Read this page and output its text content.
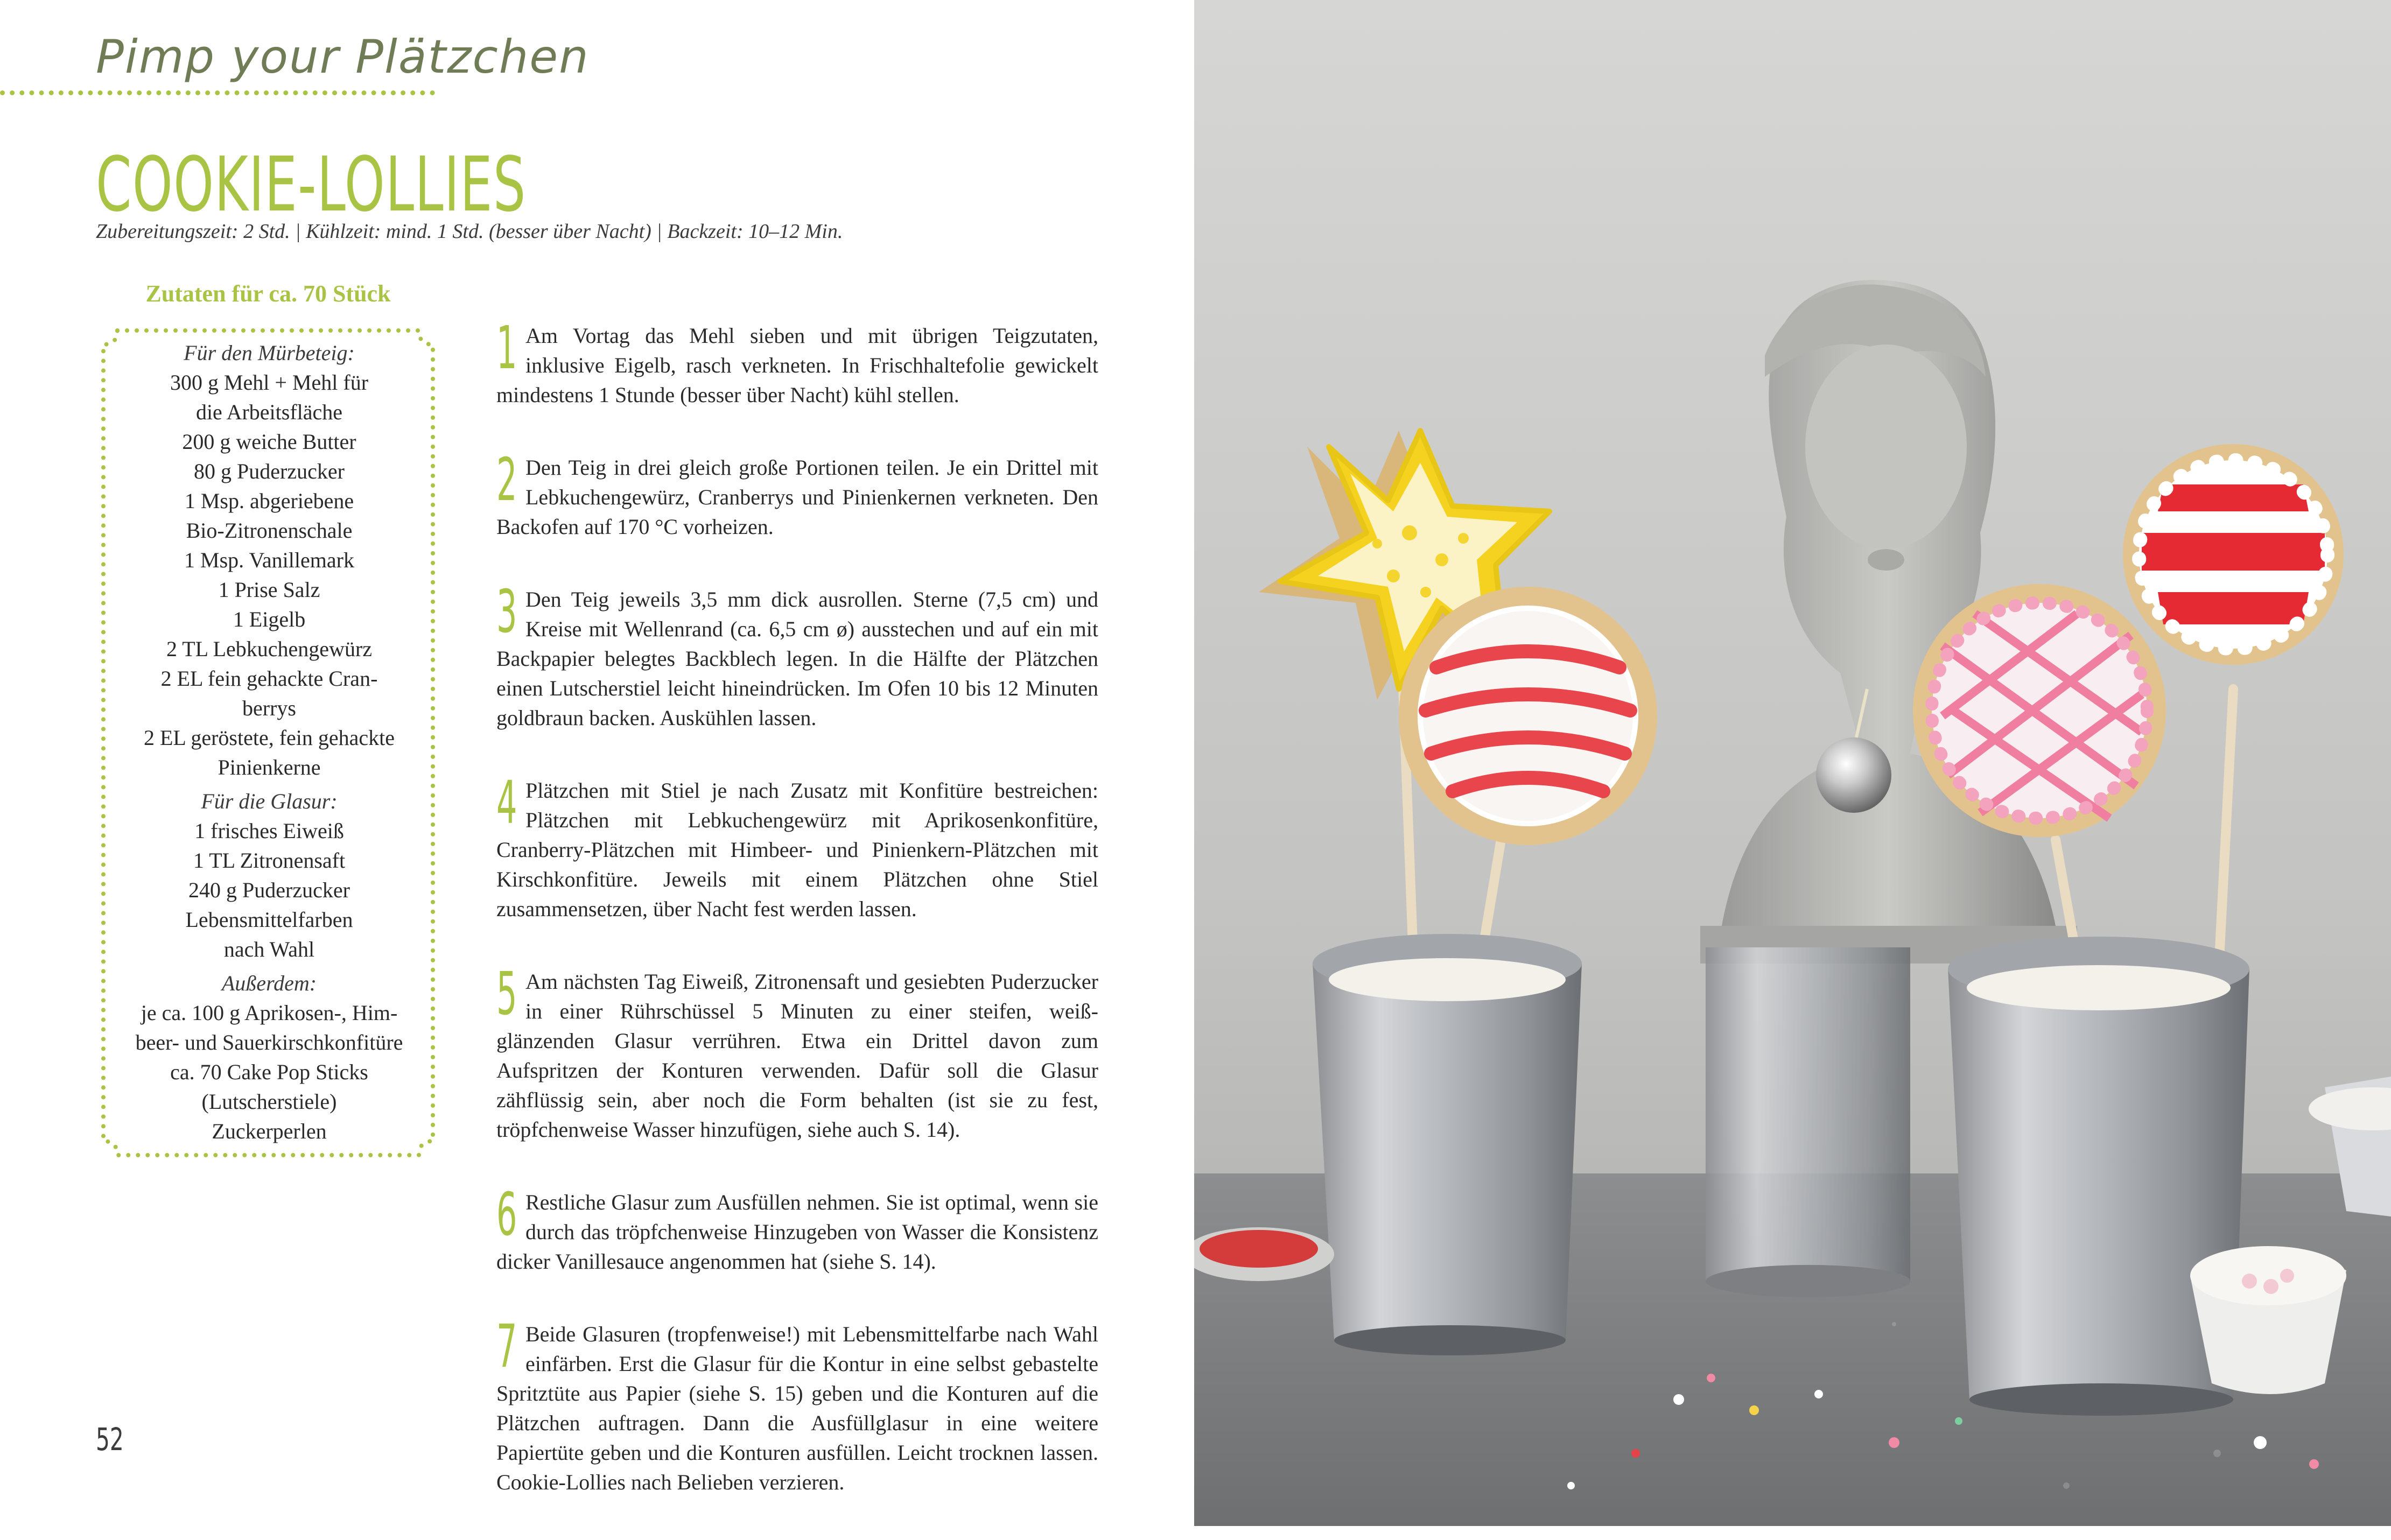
Pimp your Plätzchen
COOKIE-LOLLIES
Zubereitungszeit: 2 Std. | Kühlzeit: mind. 1 Std. (besser über Nacht) | Backzeit: 10–12 Min.
Zutaten für ca. 70 Stück
Für den Mürbeteig:
300 g Mehl + Mehl für
die Arbeitsfläche
200 g weiche Butter
80 g Puderzucker
1 Msp. abgeriebene
Bio-Zitronenschale
1 Msp. Vanillemark
1 Prise Salz
1 Eigelb
2 TL Lebkuchengewürz
2 EL fein gehackte Cran-
berrys
2 EL geröstete, fein gehackte
Pinienkerne
Für die Glasur:
1 frisches Eiweiß
1 TL Zitronensaft
240 g Puderzucker
Lebensmittelfarben
nach Wahl
Außerdem:
je ca. 100 g Aprikosen-, Him-
beer- und Sauerkirschkonfitüre
ca. 70 Cake Pop Sticks
(Lutscherstiele)
Zuckerperlen
1 Am Vortag das Mehl sieben und mit übrigen Teigzutaten, inklusive Eigelb, rasch verkneten. In Frischhaltefolie gewickelt mindestens 1 Stunde (besser über Nacht) kühl stellen.
2 Den Teig in drei gleich große Portionen teilen. Je ein Drittel mit Lebkuchengewürz, Cranberrys und Pinienkernen verkneten. Den Backofen auf 170 °C vorheizen.
3 Den Teig jeweils 3,5 mm dick ausrollen. Sterne (7,5 cm) und Kreise mit Wellenrand (ca. 6,5 cm ø) ausstechen und auf ein mit Backpapier belegtes Backblech legen. In die Hälfte der Plätzchen einen Lutscherstiel leicht hineindrücken. Im Ofen 10 bis 12 Minuten goldbraun backen. Auskühlen lassen.
4 Plätzchen mit Stiel je nach Zusatz mit Konfitüre bestreichen: Plätzchen mit Lebkuchengewürz mit Aprikosenkonfitüre, Cranberry-Plätzchen mit Himbeer- und Pinienkern-Plätzchen mit Kirschkonfitüre. Jeweils mit einem Plätzchen ohne Stiel zusammensetzen, über Nacht fest werden lassen.
5 Am nächsten Tag Eiweiß, Zitronensaft und gesiebten Puderzucker in einer Rührschüssel 5 Minuten zu einer steifen, weiß-glänzenden Glasur verrühren. Etwa ein Drittel davon zum Aufspritzen der Konturen verwenden. Dafür soll die Glasur zähflüssig sein, aber noch die Form behalten (ist sie zu fest, tröpfchenweise Wasser hinzufügen, siehe auch S. 14).
6 Restliche Glasur zum Ausfüllen nehmen. Sie ist optimal, wenn sie durch das tröpfchenweise Hinzugeben von Wasser die Konsistenz dicker Vanillesauce angenommen hat (siehe S. 14).
7 Beide Glasuren (tropfenweise!) mit Lebensmittelfarbe nach Wahl einfärben. Erst die Glasur für die Kontur in eine selbst gebastelte Spritztüte aus Papier (siehe S. 15) geben und die Konturen auf die Plätzchen auftragen. Dann die Ausfüllglasur in eine weitere Papiertüte geben und die Konturen ausfüllen. Leicht trocknen lassen. Cookie-Lollies nach Belieben verzieren.
52
